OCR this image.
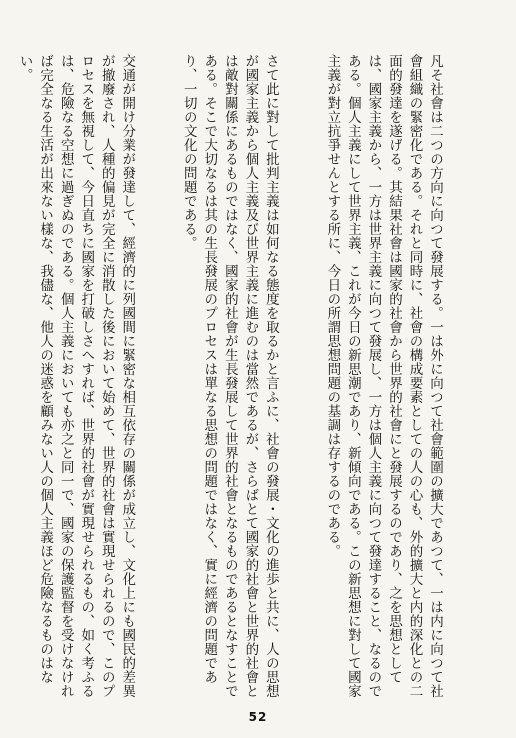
凡そ社會は二つの方向に向つて發展する。一は外に向つて社會範圍の擴大であつて、一は内に向つて社會組織の緊密化である。それと同時に、社會の構成要素としての人の心も、外的擴大と内的深化との二面的發達を遂げる。其結果社會は國家的社會から世界的社會にと發展するのであり、之を思想としては、國家主義から、一方は世界主義に向つて發展し、一方は個人主義に向つて發達すること、なるのである。個人主義にして世界主義、これが今日の新思潮であり、新傾向である。この新思想に對して國家主義が對立抗爭せんとする所に、今日の所謂思想問題の基調は存するのである。

さて此に對して批判主義は如何なる態度を取るかと言ふに、社會の發展・文化の進歩と共に、人の思想が國家主義から個人主義及び世界主義に進むのは當然であるが、さらばとて國家的社會と世界的社會とは敵對關係にあるものではなく、國家的社會が生長發展して世界的社會となるものであるとなすことである。そこで大切なるは其の生長發展のプロセスは單なる思想の問題ではなく、實に經濟の問題であり、一切の文化の問題である。

交通が開け分業が發達して、經濟的に列國間に緊密な相互依存の關係が成立し、文化上にも國民的差異が撤廢され、人種的偏見が完全に消散した後において始めて、世界的社會は實現せられるので、このプロセスを無視して、今日直ちに國家を打破しさへすれば、世界的社會が實現せられるもの、如く考ふるは、危險なる空想に過ぎぬのである。個人主義においても亦之と同一で、國家の保護監督を受けなければ完全なる生活が出來ない樣な、我儘な、他人の迷惑を顧みない人の個人主義ほど危險なるものはない。

52
